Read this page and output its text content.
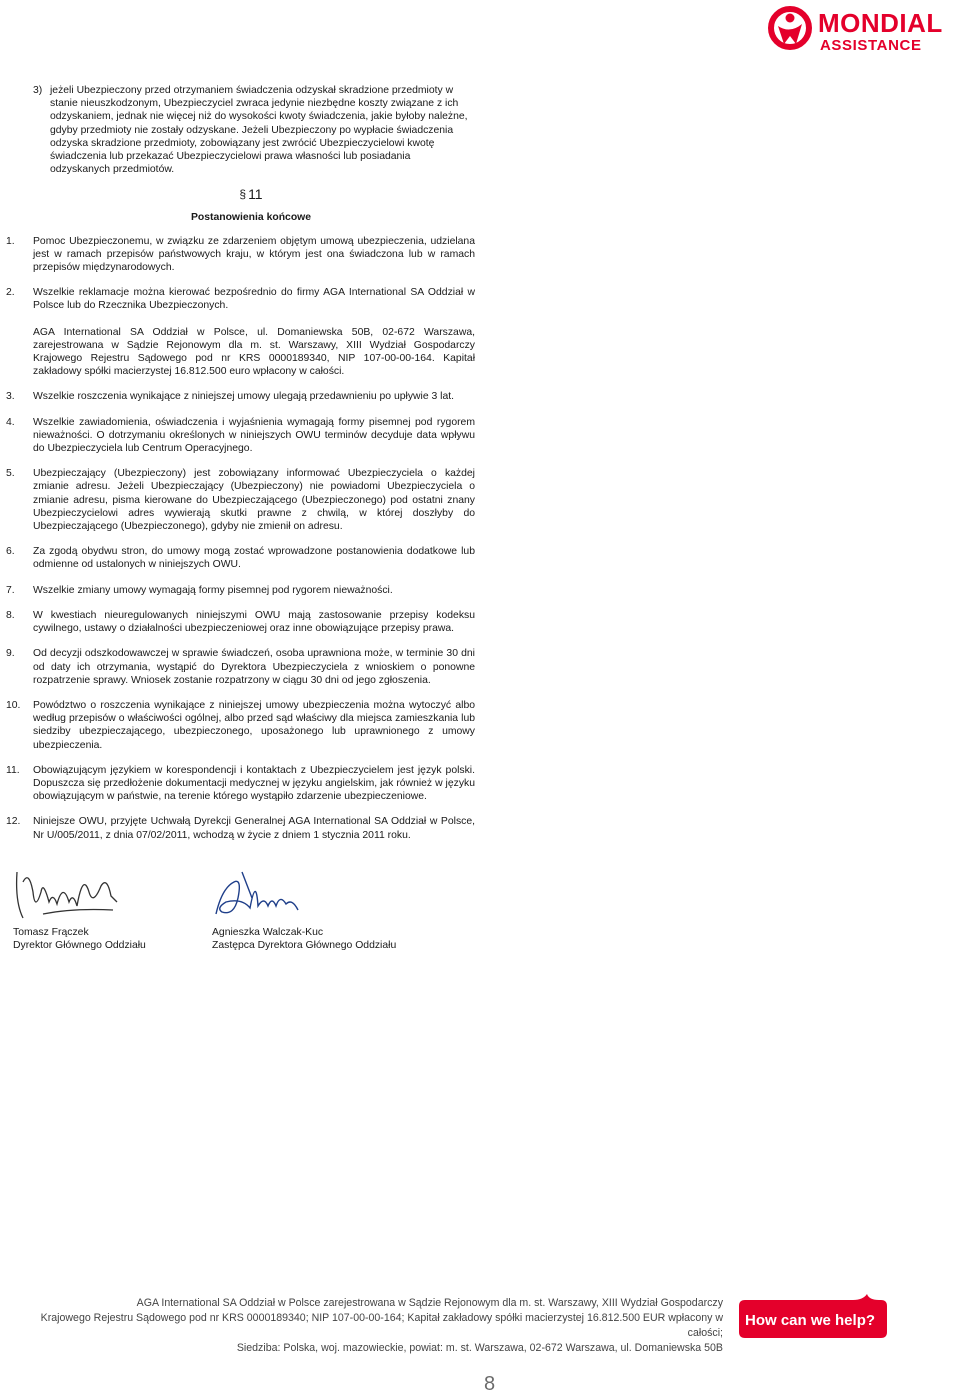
MONDIAL
ASSISTANCE
3) jeżeli Ubezpieczony przed otrzymaniem świadczenia odzyskał skradzione przedmioty w stanie nieuszkodzonym, Ubezpieczyciel zwraca jedynie niezbędne koszty związane z ich odzyskaniem, jednak nie więcej niż do wysokości kwoty świadczenia, jakie byłoby należne, gdyby przedmioty nie zostały odzyskane. Jeżeli Ubezpieczony po wypłacie świadczenia odzyska skradzione przedmioty, zobowiązany jest zwrócić Ubezpieczycielowi kwotę świadczenia lub przekazać Ubezpieczycielowi prawa własności lub posiadania odzyskanych przedmiotów.
§ 11
Postanowienia końcowe
1. Pomoc Ubezpieczonemu, w związku ze zdarzeniem objętym umową ubezpieczenia, udzielana jest w ramach przepisów państwowych kraju, w którym jest ona świadczona lub w ramach przepisów międzynarodowych.

2. Wszelkie reklamacje można kierować bezpośrednio do firmy AGA International SA Oddział w Polsce lub do Rzecznika Ubezpieczonych.

AGA International SA Oddział w Polsce, ul. Domaniewska 50B, 02-672 Warszawa, zarejestrowana w Sądzie Rejonowym dla m. st. Warszawy, XIII Wydział Gospodarczy Krajowego Rejestru Sądowego pod nr KRS 0000189340, NIP 107-00-00-164. Kapitał zakładowy spółki macierzystej 16.812.500 euro wpłacony w całości.

3. Wszelkie roszczenia wynikające z niniejszej umowy ulegają przedawnieniu po upływie 3 lat.

4. Wszelkie zawiadomienia, oświadczenia i wyjaśnienia wymagają formy pisemnej pod rygorem nieważności. O dotrzymaniu określonych w niniejszych OWU terminów decyduje data wpływu do Ubezpieczyciela lub Centrum Operacyjnego.

5. Ubezpieczający (Ubezpieczony) jest zobowiązany informować Ubezpieczyciela o każdej zmianie adresu. Jeżeli Ubezpieczający (Ubezpieczony) nie powiadomi Ubezpieczyciela o zmianie adresu, pisma kierowane do Ubezpieczającego (Ubezpieczonego) pod ostatni znany Ubezpieczycielowi adres wywierają skutki prawne z chwilą, w której doszłyby do Ubezpieczającego (Ubezpieczonego), gdyby nie zmienił on adresu.

6. Za zgodą obydwu stron, do umowy mogą zostać wprowadzone postanowienia dodatkowe lub odmienne od ustalonych w niniejszych OWU.

7. Wszelkie zmiany umowy wymagają formy pisemnej pod rygorem nieważności.

8. W kwestiach nieuregulowanych niniejszymi OWU mają zastosowanie przepisy kodeksu cywilnego, ustawy o działalności ubezpieczeniowej oraz inne obowiązujące przepisy prawa.

9. Od decyzji odszkodowawczej w sprawie świadczeń, osoba uprawniona może, w terminie 30 dni od daty ich otrzymania, wystąpić do Dyrektora Ubezpieczyciela z wnioskiem o ponowne rozpatrzenie sprawy. Wniosek zostanie rozpatrzony w ciągu 30 dni od jego zgłoszenia.

10. Powództwo o roszczenia wynikające z niniejszej umowy ubezpieczenia można wytoczyć albo według przepisów o właściwości ogólnej, albo przed sąd właściwy dla miejsca zamieszkania lub siedziby ubezpieczającego, ubezpieczonego, uposażonego lub uprawnionego z umowy ubezpieczenia.

11. Obowiązującym językiem w korespondencji i kontaktach z Ubezpieczycielem jest język polski. Dopuszcza się przedłożenie dokumentacji medycznej w języku angielskim, jak również w języku obowiązującym w państwie, na terenie którego wystąpiło zdarzenie ubezpieczeniowe.

12. Niniejsze OWU, przyjęte Uchwałą Dyrekcji Generalnej AGA International SA Oddział w Polsce, Nr U/005/2011, z dnia 07/02/2011, wchodzą w życie z dniem 1 stycznia 2011 roku.

Tomasz Frączek
Dyrektor Głównego Oddziału
Agnieszka Walczak-Kuc
Zastępca Dyrektora Głównego Oddziału
AGA International SA Oddział w Polsce zarejestrowana w Sądzie Rejonowym dla m. st. Warszawy, XIII Wydział Gospodarczy
Krajowego Rejestru Sądowego pod nr KRS 0000189340; NIP 107-00-00-164; Kapitał zakładowy spółki macierzystej 16.812.500 EUR wpłacony w całości;
Siedziba: Polska, woj. mazowieckie, powiat: m. st. Warszawa, 02-672 Warszawa, ul. Domaniewska 50B
How can we help?
8
